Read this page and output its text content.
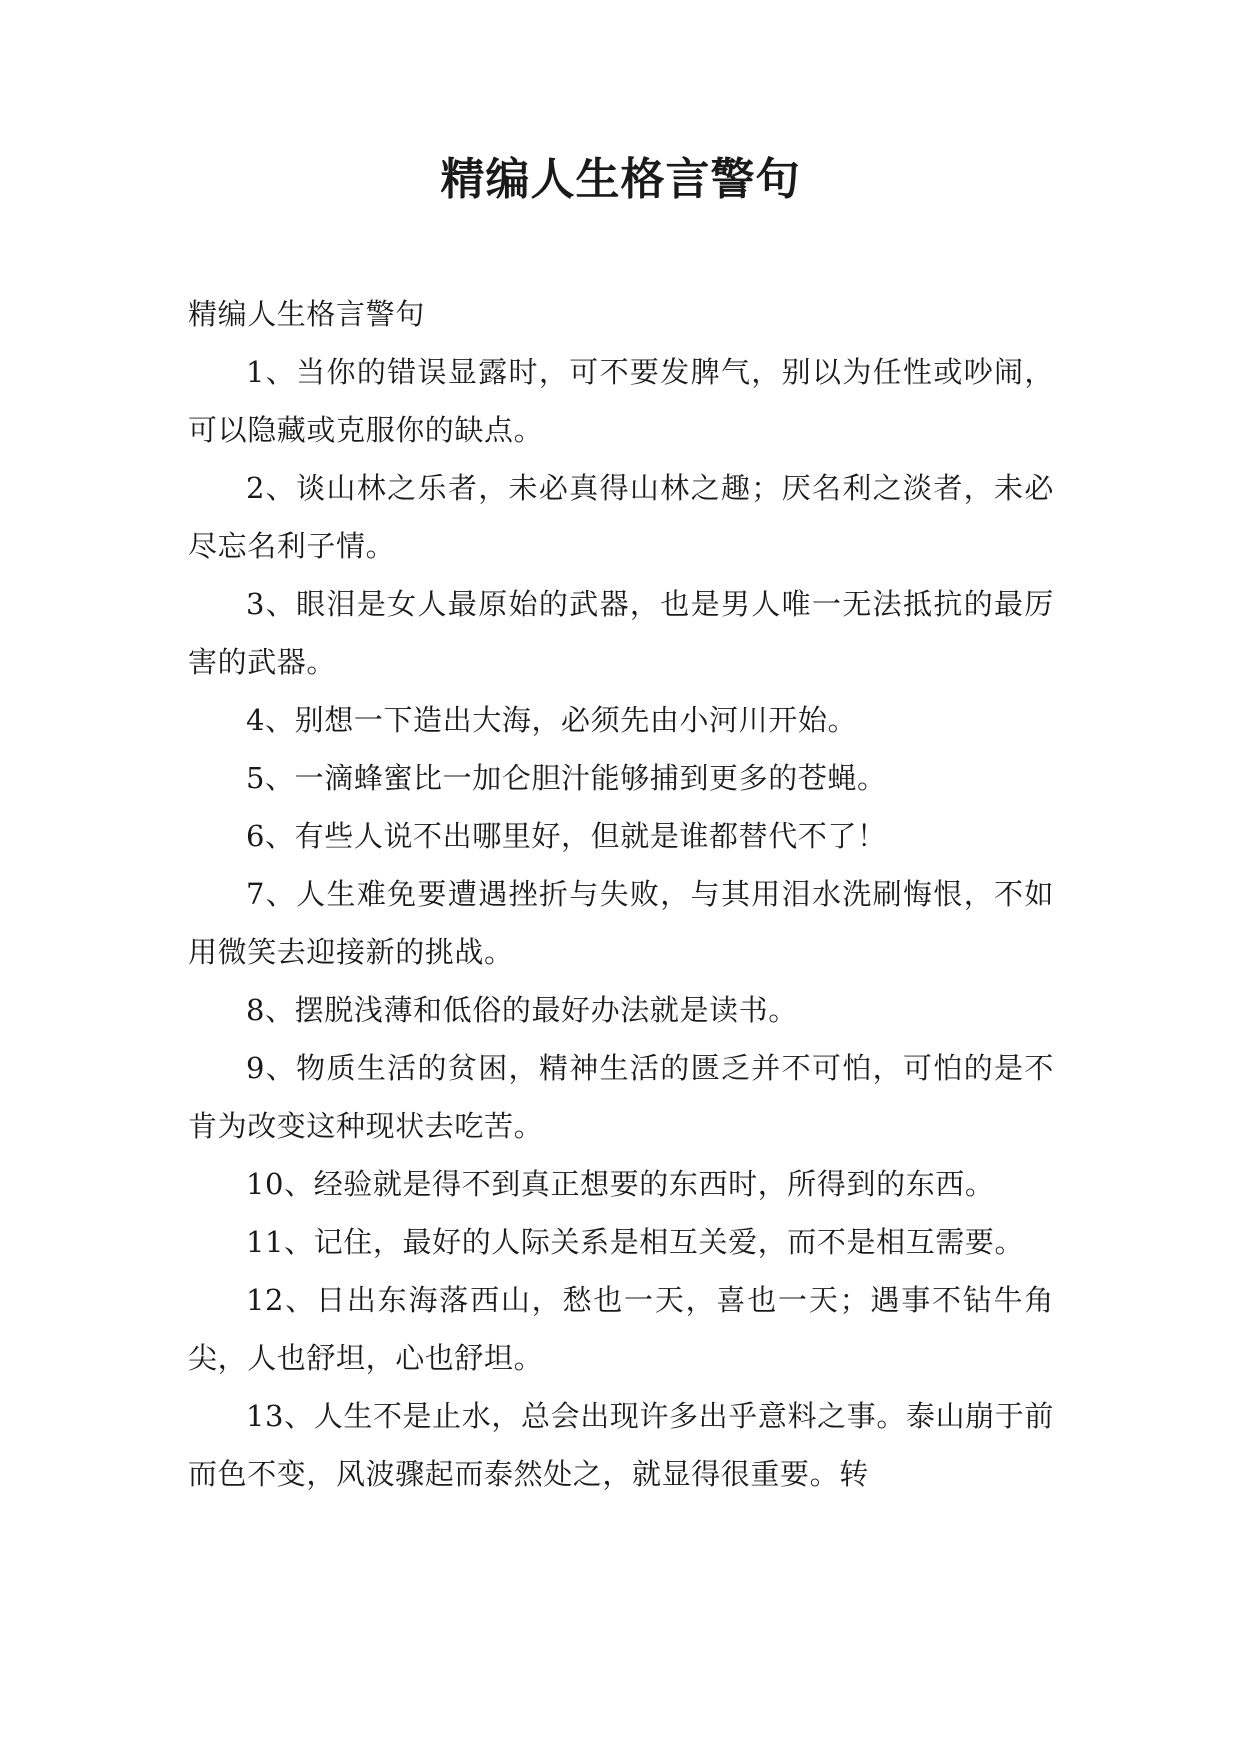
精编人生格言警句

精编人生格言警句

1、当你的错误显露时，可不要发脾气，别以为任性或吵闹，可以隐藏或克服你的缺点。

2、谈山林之乐者，未必真得山林之趣；厌名利之淡者，未必尽忘名利子情。

3、眼泪是女人最原始的武器，也是男人唯一无法抵抗的最厉害的武器。

4、别想一下造出大海，必须先由小河川开始。

5、一滴蜂蜜比一加仑胆汁能够捕到更多的苍蝇。

6、有些人说不出哪里好，但就是谁都替代不了！

7、人生难免要遭遇挫折与失败，与其用泪水洗刷悔恨，不如用微笑去迎接新的挑战。

8、摆脱浅薄和低俗的最好办法就是读书。

9、物质生活的贫困，精神生活的匮乏并不可怕，可怕的是不肯为改变这种现状去吃苦。

10、经验就是得不到真正想要的东西时，所得到的东西。

11、记住，最好的人际关系是相互关爱，而不是相互需要。

12、日出东海落西山，愁也一天，喜也一天；遇事不钻牛角尖，人也舒坦，心也舒坦。

13、人生不是止水，总会出现许多出乎意料之事。泰山崩于前而色不变，风波骤起而泰然处之，就显得很重要。转
